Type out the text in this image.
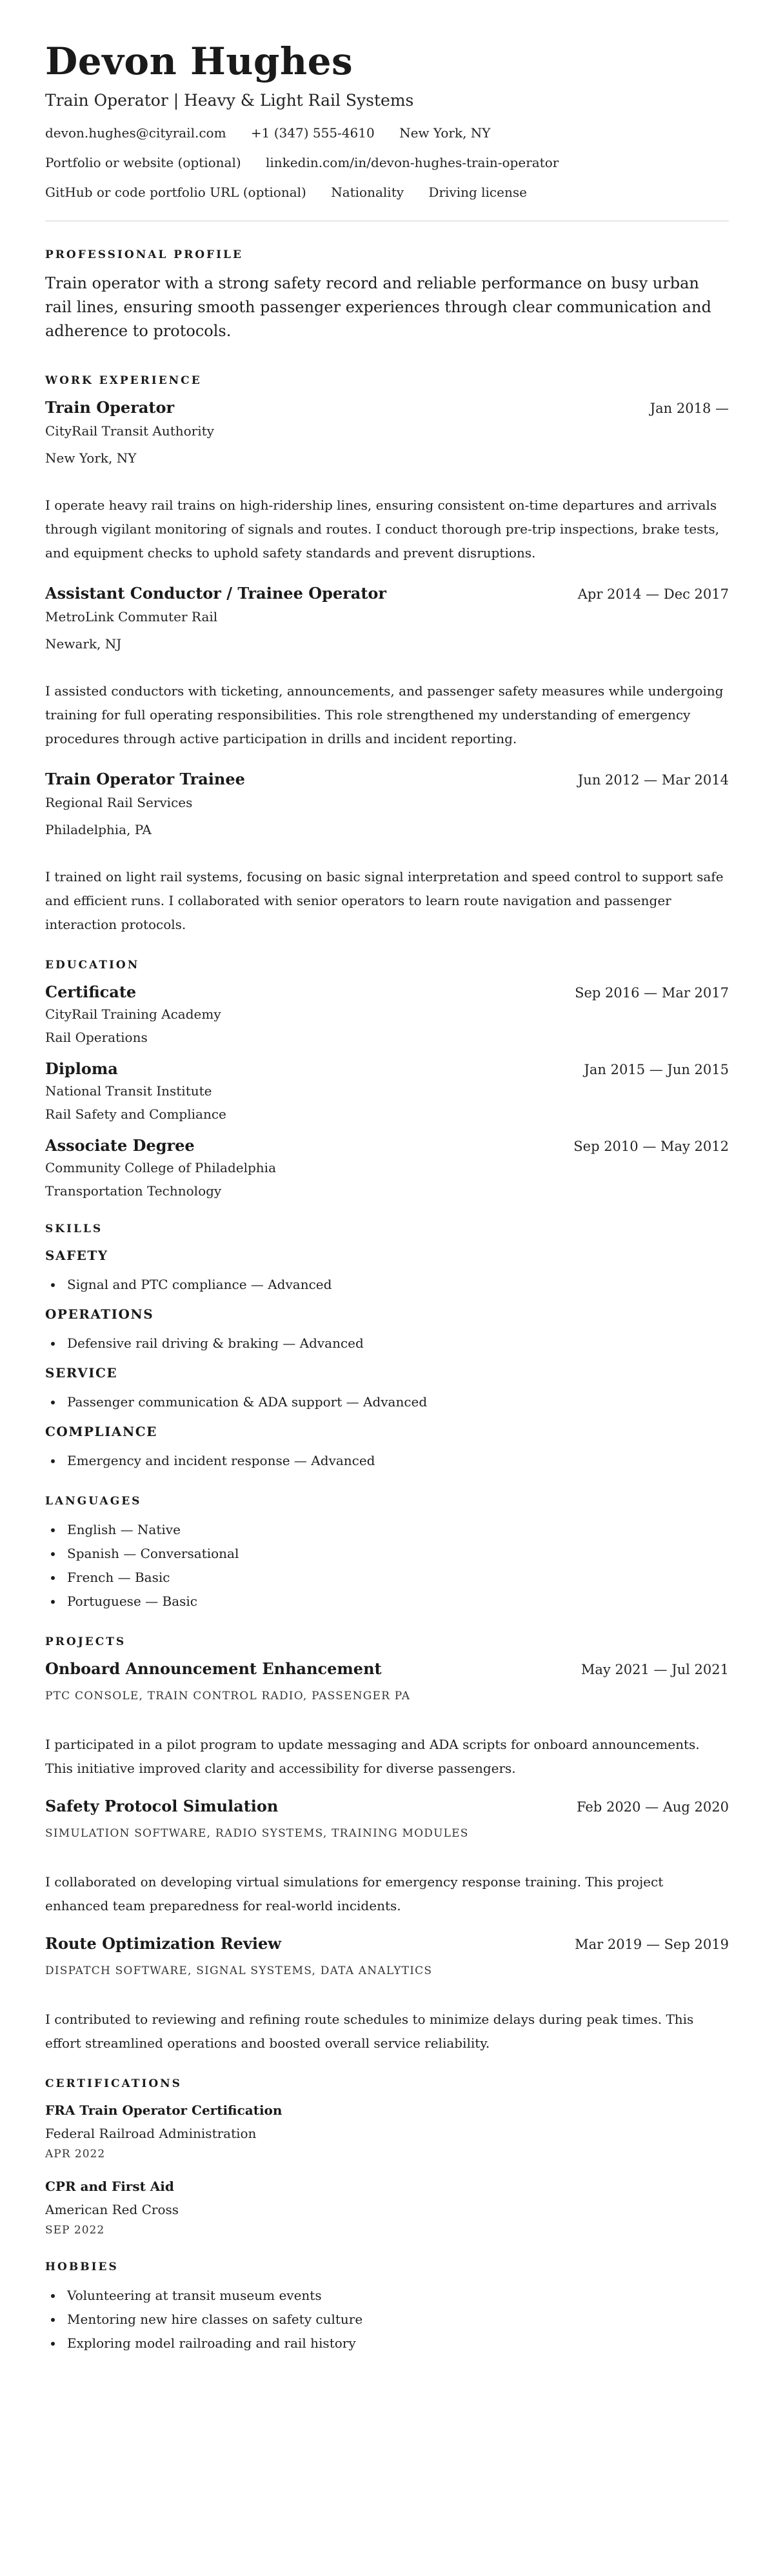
Devon Hughes
Train Operator | Heavy & Light Rail Systems
devon.hughes@cityrail.com +1 (347) 555-4610 New York, NY
Portfolio or website (optional) linkedin.com/in/devon-hughes-train-operator
GitHub or code portfolio URL (optional) Nationality Driving license
PROFESSIONAL PROFILE
Train operator with a strong safety record and reliable performance on busy urban rail lines, ensuring smooth passenger experiences through clear communication and adherence to protocols.
WORK EXPERIENCE
Train Operator	Jan 2018 —
CityRail Transit Authority
New York, NY
I operate heavy rail trains on high-ridership lines, ensuring consistent on-time departures and arrivals through vigilant monitoring of signals and routes. I conduct thorough pre-trip inspections, brake tests, and equipment checks to uphold safety standards and prevent disruptions.
Assistant Conductor / Trainee Operator	Apr 2014 — Dec 2017
MetroLink Commuter Rail
Newark, NJ
I assisted conductors with ticketing, announcements, and passenger safety measures while undergoing training for full operating responsibilities. This role strengthened my understanding of emergency procedures through active participation in drills and incident reporting.
Train Operator Trainee	Jun 2012 — Mar 2014
Regional Rail Services
Philadelphia, PA
I trained on light rail systems, focusing on basic signal interpretation and speed control to support safe and efficient runs. I collaborated with senior operators to learn route navigation and passenger interaction protocols.
EDUCATION
Certificate	Sep 2016 — Mar 2017
CityRail Training Academy
Rail Operations
Diploma	Jan 2015 — Jun 2015
National Transit Institute
Rail Safety and Compliance
Associate Degree	Sep 2010 — May 2012
Community College of Philadelphia
Transportation Technology
SKILLS
SAFETY
• Signal and PTC compliance — Advanced
OPERATIONS
• Defensive rail driving & braking — Advanced
SERVICE
• Passenger communication & ADA support — Advanced
COMPLIANCE
• Emergency and incident response — Advanced
LANGUAGES
• English — Native
• Spanish — Conversational
• French — Basic
• Portuguese — Basic
PROJECTS
Onboard Announcement Enhancement	May 2021 — Jul 2021
PTC CONSOLE, TRAIN CONTROL RADIO, PASSENGER PA
I participated in a pilot program to update messaging and ADA scripts for onboard announcements. This initiative improved clarity and accessibility for diverse passengers.
Safety Protocol Simulation	Feb 2020 — Aug 2020
SIMULATION SOFTWARE, RADIO SYSTEMS, TRAINING MODULES
I collaborated on developing virtual simulations for emergency response training. This project enhanced team preparedness for real-world incidents.
Route Optimization Review	Mar 2019 — Sep 2019
DISPATCH SOFTWARE, SIGNAL SYSTEMS, DATA ANALYTICS
I contributed to reviewing and refining route schedules to minimize delays during peak times. This effort streamlined operations and boosted overall service reliability.
CERTIFICATIONS
FRA Train Operator Certification
Federal Railroad Administration
APR 2022
CPR and First Aid
American Red Cross
SEP 2022
HOBBIES
• Volunteering at transit museum events
• Mentoring new hire classes on safety culture
• Exploring model railroading and rail history
